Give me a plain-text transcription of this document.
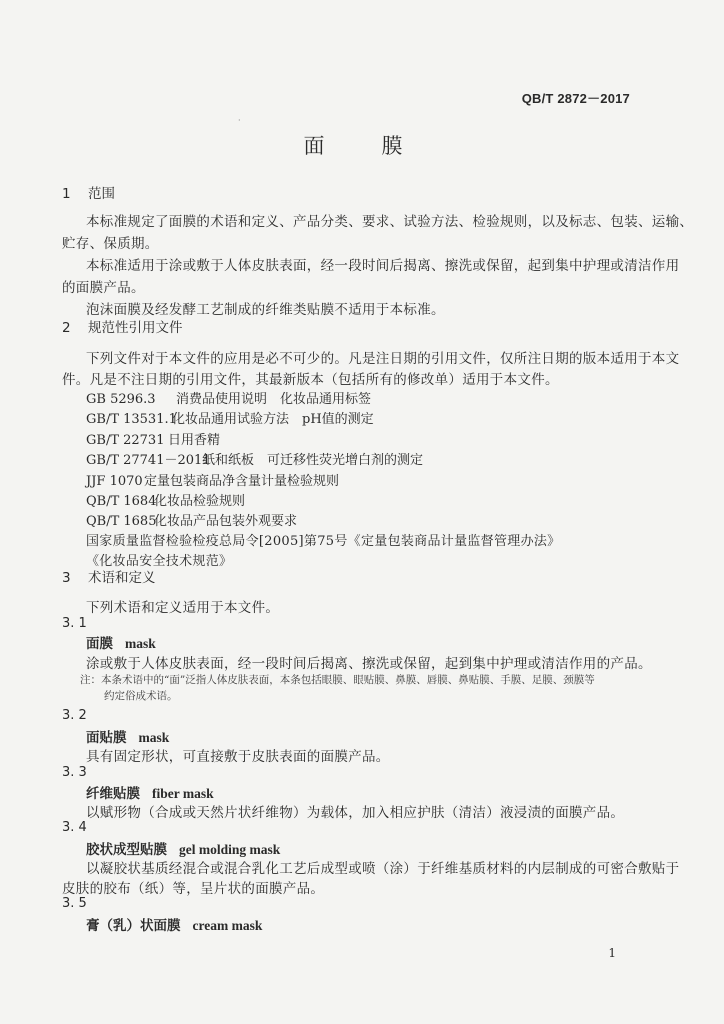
QB/T 2872－2017
·
面　膜
1 范围
本标准规定了面膜的术语和定义、产品分类、要求、试验方法、检验规则，以及标志、包装、运输、
贮存、保质期。
本标准适用于涂或敷于人体皮肤表面，经一段时间后揭离、擦洗或保留，起到集中护理或清洁作用
的面膜产品。
泡沫面膜及经发酵工艺制成的纤维类贴膜不适用于本标准。
2 规范性引用文件
下列文件对于本文件的应用是必不可少的。凡是注日期的引用文件，仅所注日期的版本适用于本文
件。凡是不注日期的引用文件，其最新版本（包括所有的修改单）适用于本文件。
GB 5296.3 消费品使用说明　化妆品通用标签
GB/T 13531.1化妆品通用试验方法　pH值的测定
GB/T 22731 日用香精
GB/T 27741－2011纸和纸板　可迁移性荧光增白剂的测定
JJF 1070定量包装商品净含量计量检验规则
QB/T 1684化妆品检验规则
QB/T 1685化妆品产品包装外观要求
国家质量监督检验检疫总局令[2005]第75号《定量包装商品计量监督管理办法》
《化妆品安全技术规范》
3 术语和定义
下列术语和定义适用于本文件。
3. 1
面膜 mask
涂或敷于人体皮肤表面，经一段时间后揭离、擦洗或保留，起到集中护理或清洁作用的产品。
注：本条术语中的“面”泛指人体皮肤表面，本条包括眼膜、眼贴膜、鼻膜、唇膜、鼻贴膜、手膜、足膜、颈膜等
约定俗成术语。
3. 2
面贴膜 mask
具有固定形状，可直接敷于皮肤表面的面膜产品。
3. 3
纤维贴膜 fiber mask
以赋形物（合成或天然片状纤维物）为载体，加入相应护肤（清洁）液浸渍的面膜产品。
3. 4
胶状成型贴膜 gel molding mask
以凝胶状基质经混合或混合乳化工艺后成型或喷（涂）于纤维基质材料的内层制成的可密合敷贴于
皮肤的胶布（纸）等，呈片状的面膜产品。
3. 5
膏（乳）状面膜 cream mask
1
